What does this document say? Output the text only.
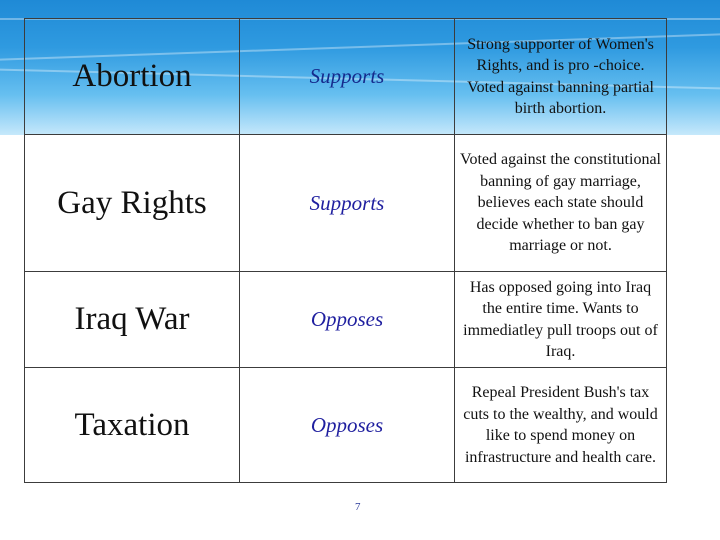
Abortion	Supports	Strong supporter of Women's Rights, and is pro -choice. Voted against banning partial birth abortion.
Gay Rights	Supports	Voted against the constitutional banning of gay marriage, believes each state should decide whether to ban gay marriage or not.
Iraq War	Opposes	Has opposed going into Iraq the entire time. Wants to immediatley pull troops out of Iraq.
Taxation	Opposes	Repeal President Bush's tax cuts to the wealthy, and would like to spend money on infrastructure and health care.
7
